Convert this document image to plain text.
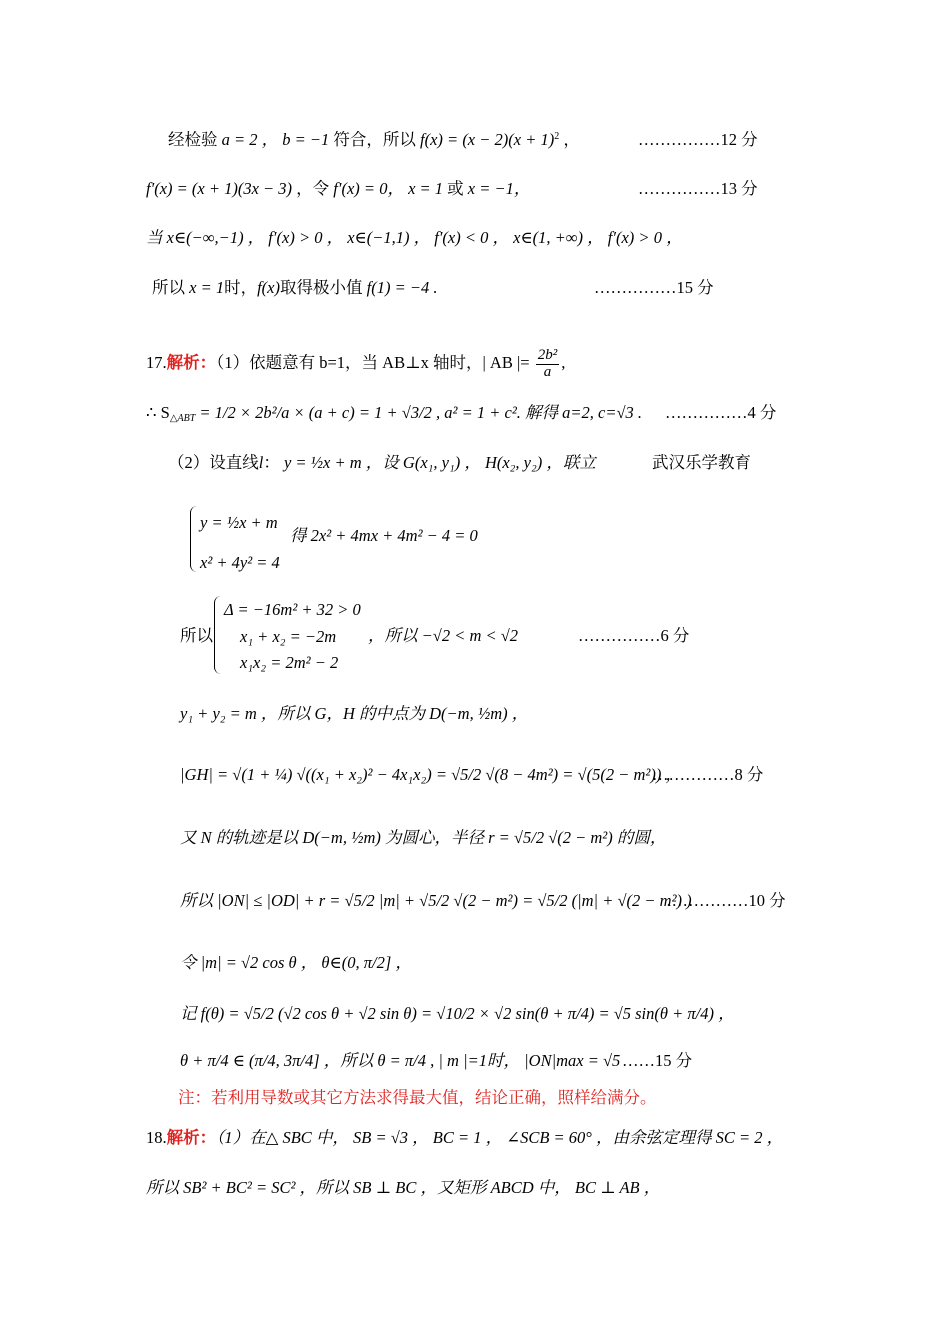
经检验 a = 2 ， b = −1 符合，所以 $f(x) = (x - 2)(x + 1)^2$ ，	……………12 分
f′(x) = (x + 1)(3x − 3) ，令 f′(x) = 0， x = 1 或 x = −1，	……………13 分
当 x∈(−∞,−1) ， f′(x) > 0 ， x∈(−1,1) ， f′(x) < 0 ， x∈(1, +∞) ， f′(x) > 0 ，
所以 x = 1时，f(x)取得极小值 f(1) = −4 .	……………15 分
17.解析：（1）依题意有 b=1，当 AB⊥x 轴时，| AB |= $\frac{\text{2b²}}{a}$ ,
∴ $S_{\triangle ABT} = 1/2 \times 2b^2/a \times (a + c) = 1 + √3/2$ , a² = 1 + c². 解得 a=2, c=√3 . ……………4 分
（2）设直线l： y = ½x + m ，设 G(x₁, y₁) ， H(x₂, y₂) ，联立	武汉乐学教育
y = ½x + m
x² + 4y² = 4
得 2x² + 4mx + 4m² − 4 = 0
所以
Δ = −16m² + 32 > 0
x₁ + x₂ = −2m
x₁x₂ = 2m² − 2
，所以 −√2 < m < √2	……………6 分
y₁ + y₂ = m ，所以 G，H 的中点为 D(−m, ½m) ，
|GH| = √(1 + ¼) √((x₁ + x₂)² − 4x₁x₂) = √5/2 √(8 − 4m²) = √(5(2 − m²)) ，
……………8 分
又 N 的轨迹是以 D(−m, ½m) 为圆心，半径 r = √5/2 √(2 − m²) 的圆，
所以 |ON| ≤ |OD| + r = √5/2 |m| + √5/2 √(2 − m²) = √5/2 (|m| + √(2 − m²) )
……………10 分
令 |m| = √2 cos θ ， θ∈(0, π/2] ，
记 f(θ) = √5/2 (√2 cos θ + √2 sin θ) = √10/2 × √2 sin(θ + π/4) = √5 sin(θ + π/4) ，
θ + π/4 ∈ (π/4, 3π/4] ，所以 θ = π/4 , | m |=1时， |ON|max = √5 ……15 分
注：若利用导数或其它方法求得最大值，结论正确，照样给满分。
18.解析：（1）在△ SBC 中， SB = √3 ， BC = 1 ， ∠SCB = 60° ，由余弦定理得 SC = 2 ，
所以 SB² + BC² = SC² ，所以 SB ⊥ BC ，又矩形 ABCD 中， BC ⊥ AB ，
